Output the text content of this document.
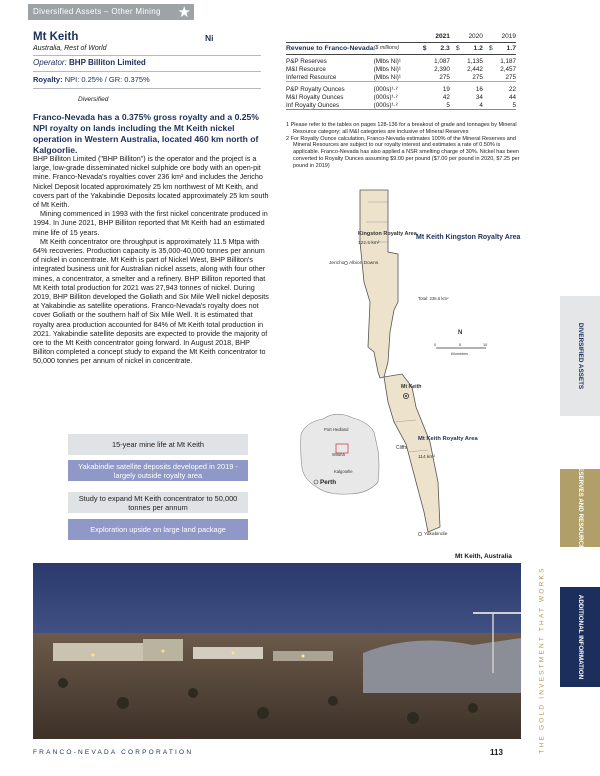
Diversified Assets – Other Mining ★
Mt Keith	Ni
Australia, Rest of World
Operator: BHP Billiton Limited
Royalty: NPI: 0.25% / GR: 0.375%
Diversified
Franco-Nevada has a 0.375% gross royalty and a 0.25% NPI royalty on lands including the Mt Keith nickel operation in Western Australia, located 460 km north of Kalgoorlie.

BHP Billiton Limited ("BHP Billiton") is the operator and the project is a large, low-grade disseminated nickel sulphide ore body with an open-pit mine. Franco-Nevada's royalties cover 236 km² and includes the Jericho Nickel Deposit located approximately 25 km northwest of Mt Keith, and covers part of the Yakabindie Deposits located approximately 25 km south of Mt Keith.

Mining commenced in 1993 with the first nickel concentrate produced in 1994. In June 2021, BHP Billiton reported that Mt Keith had an estimated mine life of 15 years.

Mt Keith concentrator ore throughput is approximately 11.5 Mtpa with 64% recoveries. Production capacity is 35,000-40,000 tonnes per annum of nickel in concentrate. Mt Keith is part of Nickel West, BHP Billiton's integrated business unit for Australian nickel assets, along with four other mines, a concentrator, a smelter and a refinery. BHP Billiton reported that Mt Keith total production for 2021 was 27,943 tonnes of nickel. During 2019, BHP Billiton developed the Goliath and Six Mile Well nickel deposits at Yakabindie as satellite operations. Franco-Nevada's royalty does not cover Goliath or the southern half of Six Mile Well. It is estimated that royalty area production accounted for 84% of Mt Keith total production in 2021. Yakabindie satellite deposits are expected to provide the majority of ore to the Mt Keith concentrator going forward. In August 2018, BHP Billiton completed a concept study to expand the Mt Keith concentrator to 50,000 tonnes per annum of nickel in concentrate.

15-year mine life at Mt Keith
Yakabindie satellite deposits developed in 2019 - largely outside royalty area
Study to expand Mt Keith concentrator to 50,000 tonnes per annum
Exploration upside on large land package
		2021	2020	2019
Revenue to Franco-Nevada	($ millions)	$ 2.3	$ 1.2	$ 1.7

P&P Reserves	(Mlbs Ni)¹	1,087	1,135	1,187
M&I Resource	(Mlbs Ni)¹	2,390	2,442	2,457
Inferred Resource	(Mlbs Ni)¹	275	275	275

P&P Royalty Ounces	(000s)¹·²	19	16	22
M&I Royalty Ounces	(000s)¹·²	42	34	44
Inf Royalty Ounces	(000s)¹·²	5	4	5
1 Please refer to the tables on pages 128-136 for a breakout of grade and tonnages by Mineral Resource category; all M&I categories are inclusive of Mineral Reserves
2 For Royalty Ounce calculation, Franco-Nevada estimates 100% of the Mineral Reserves and Mineral Resources are subject to our royalty interest and estimates a rate of 0.50% is applicable. Franco-Nevada has also applied a NSR smelting charge of 30%. Nickel has been converted to Royalty Ounces assuming $9.00 per pound ($7.00 per pound in 2020, $7.25 per pound in 2019)
Kingston Royalty Area
122.5 km²
Jericho Albion Downs
Mt Keith Kingston Royalty Area
Total: 236.5 km²
N
0	5	10
Kilometres
Mt Keith
Mt Keith Royalty Area
114 km²
Cliffs
Yakabindie
Port Hedland
Wiluna
Kalgoorlie
Perth
Mt Keith, Australia
THE GOLD INVESTMENT THAT WORKS
DIVERSIFIED ASSETS
RESERVES AND RESOURCES
ADDITIONAL INFORMATION
FRANCO-NEVADA CORPORATION	113
